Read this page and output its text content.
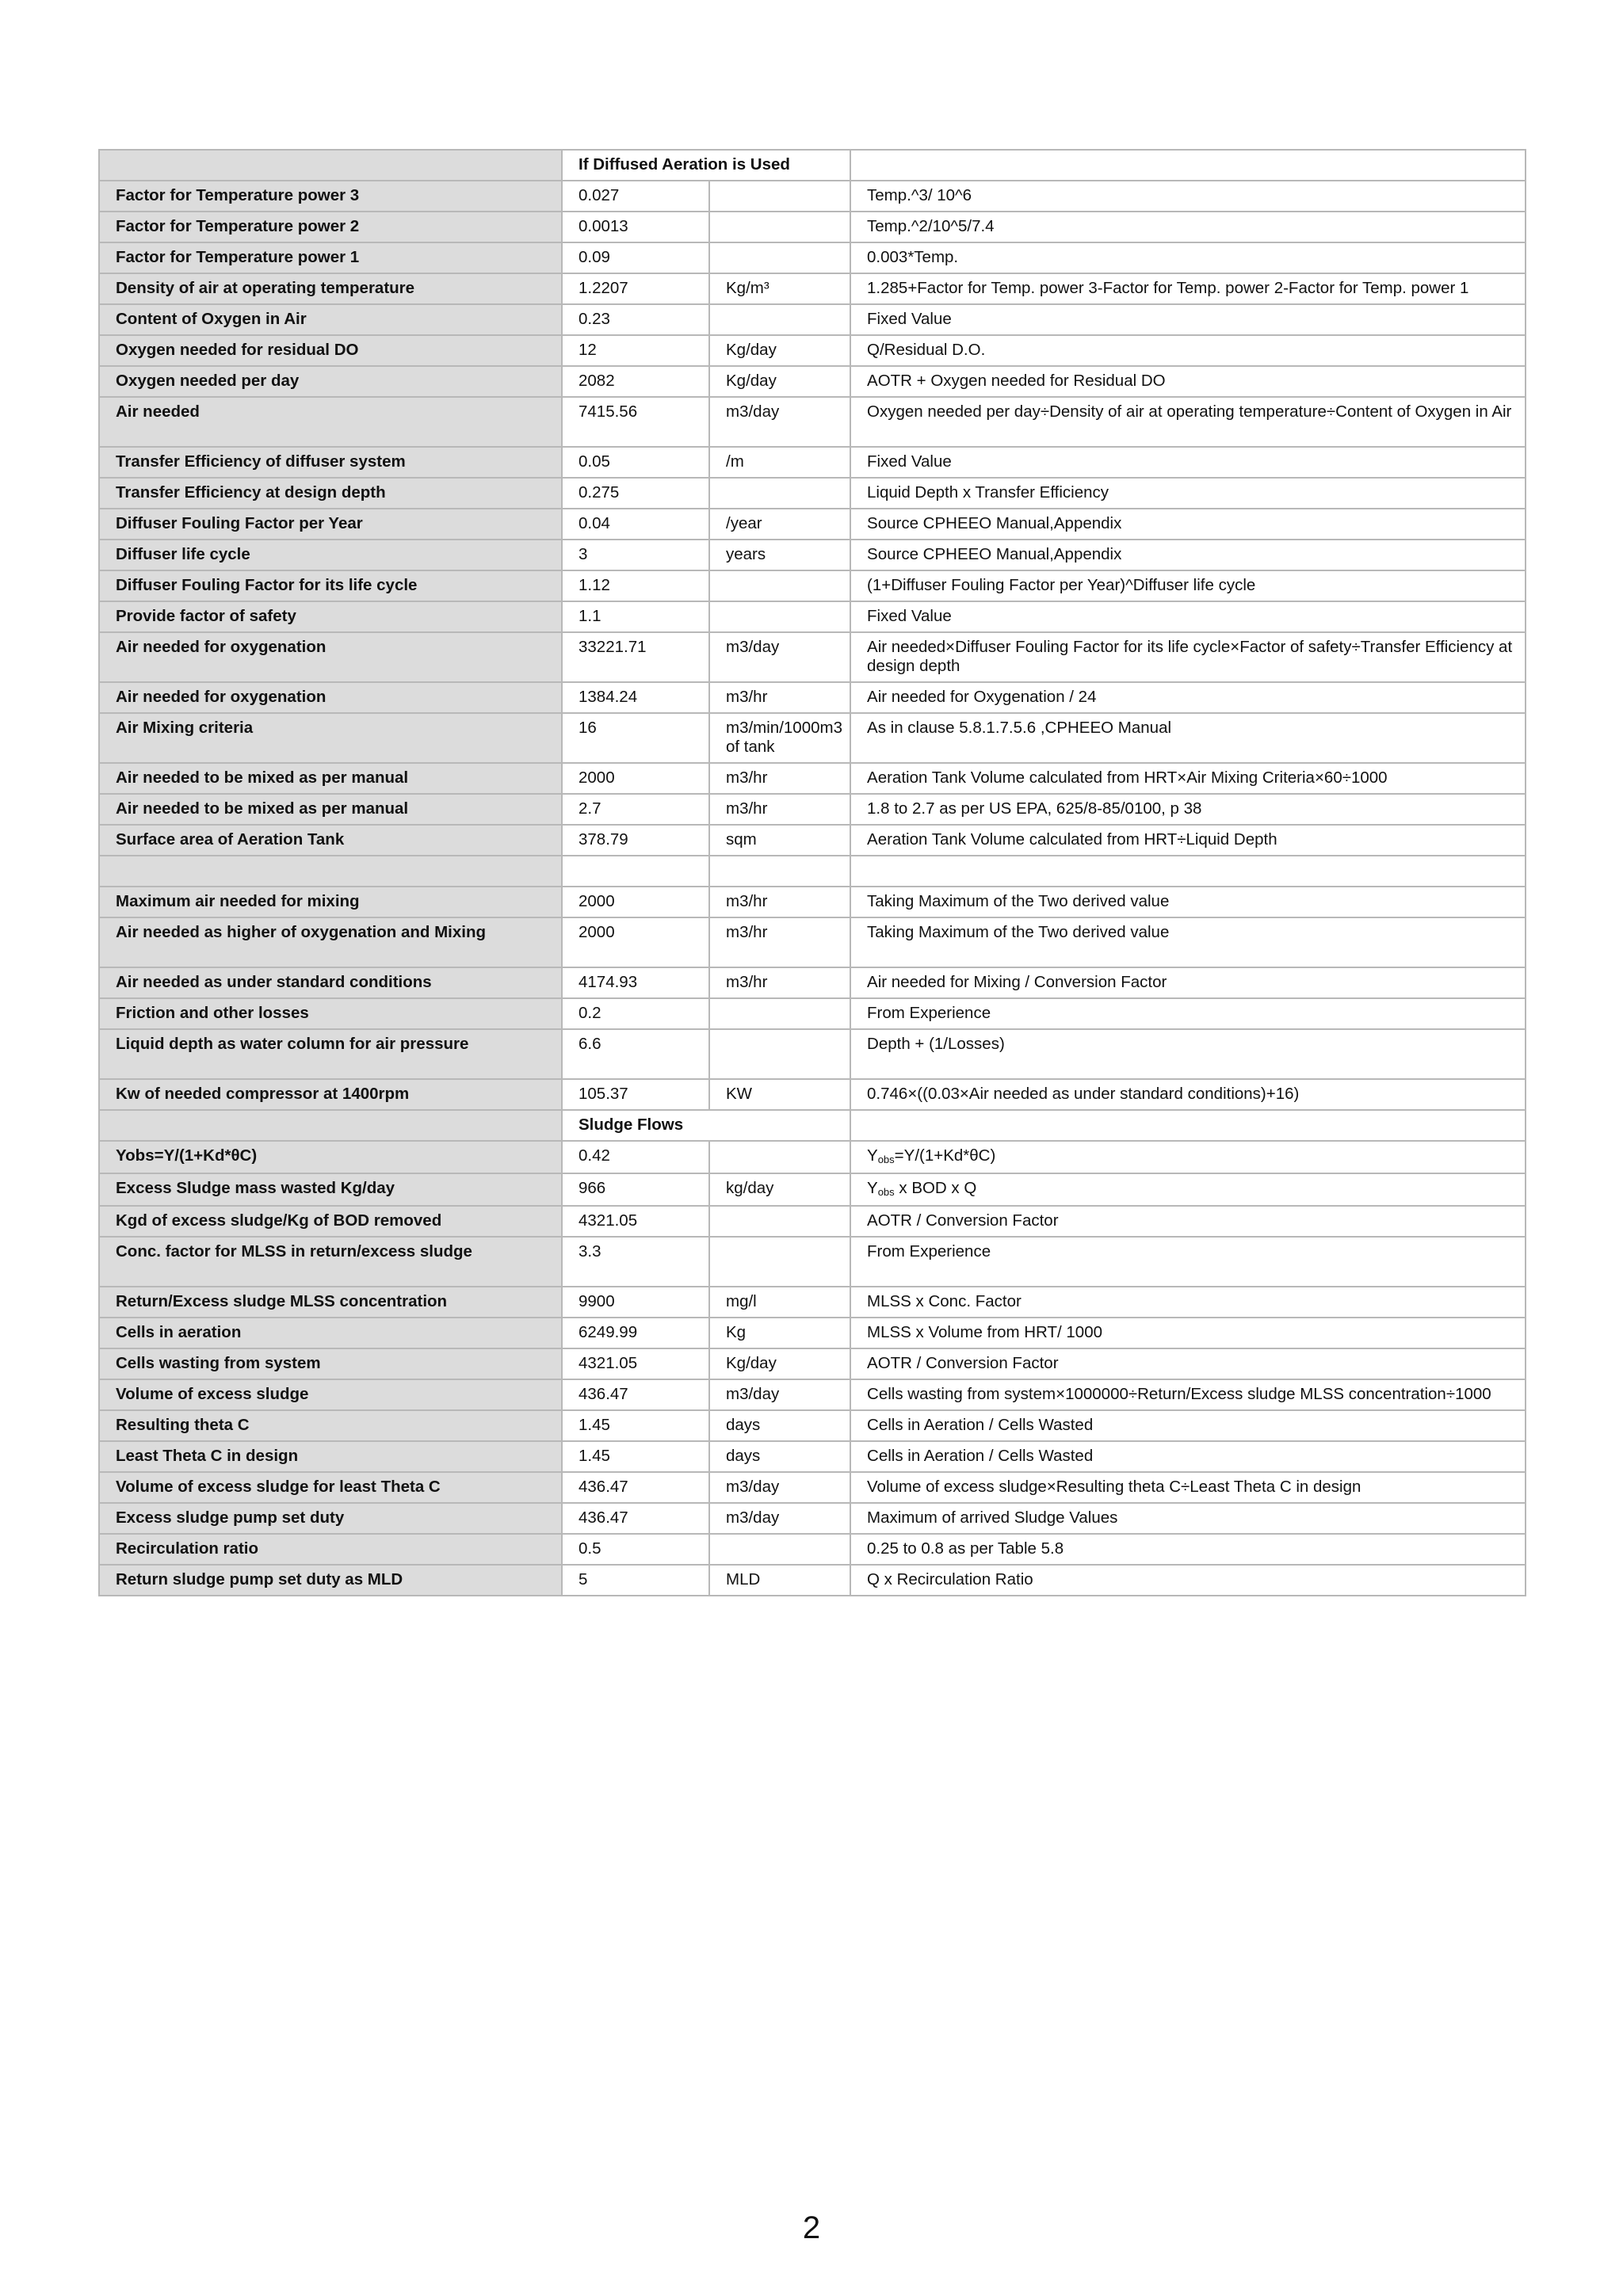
	If Diffused Aeration is Used		
Factor for Temperature power 3	0.027		Temp.^3/ 10^6
Factor for Temperature power 2	0.0013		Temp.^2/10^5/7.4
Factor for Temperature power 1	0.09		0.003*Temp.
Density of air at operating temperature	1.2207	Kg/m³	1.285+Factor for Temp. power 3-Factor for Temp. power 2-Factor for Temp. power 1
Content of Oxygen in Air	0.23		Fixed Value
Oxygen needed for residual DO	12	Kg/day	Q/Residual D.O.
Oxygen needed per day	2082	Kg/day	AOTR + Oxygen needed for Residual DO
Air needed	7415.56	m3/day	Oxygen needed per day÷Density of air at operating temperature÷Content of Oxygen in Air
Transfer Efficiency of diffuser system	0.05	/m	Fixed Value
Transfer Efficiency at design depth	0.275		Liquid Depth x Transfer Efficiency
Diffuser Fouling Factor per Year	0.04	/year	Source CPHEEO Manual,Appendix
Diffuser life cycle	3	years	Source CPHEEO Manual,Appendix
Diffuser Fouling Factor for its life cycle	1.12		(1+Diffuser Fouling Factor per Year)^Diffuser life cycle
Provide factor of safety	1.1		Fixed Value
Air needed for oxygenation	33221.71	m3/day	Air needed×Diffuser Fouling Factor for its life cycle×Factor of safety÷Transfer Efficiency at design depth
Air needed for oxygenation	1384.24	m3/hr	Air needed for Oxygenation / 24
Air Mixing criteria	16	m3/min/1000m3 of tank	As in clause 5.8.1.7.5.6 ,CPHEEO Manual
Air needed to be mixed as per manual	2000	m3/hr	Aeration Tank Volume calculated from HRT×Air Mixing Criteria×60÷1000
Air needed to be mixed as per manual	2.7	m3/hr	1.8 to 2.7 as per US EPA, 625/8-85/0100, p 38
Surface area of Aeration Tank	378.79	sqm	Aeration Tank Volume calculated from HRT÷Liquid Depth

Maximum air needed for mixing	2000	m3/hr	Taking Maximum of the Two derived value
Air needed as higher of oxygenation and Mixing	2000	m3/hr	Taking Maximum of the Two derived value
Air needed as under standard conditions	4174.93	m3/hr	Air needed for Mixing / Conversion Factor
Friction and other losses	0.2		From Experience
Liquid depth as water column for air pressure	6.6		Depth + (1/Losses)
Kw of needed compressor at 1400rpm	105.37	KW	0.746×((0.03×Air needed as under standard conditions)+16)
	Sludge Flows		
Yobs=Y/(1+Kd*θC)	0.42		$Y_{obs}=Y/(1+Kd*\theta C)$
Excess Sludge mass wasted Kg/day	966	kg/day	$Y_{obs}$ x BOD x Q
Kgd of excess sludge/Kg of BOD removed	4321.05		AOTR / Conversion Factor
Conc. factor for MLSS in return/excess sludge	3.3		From Experience
Return/Excess sludge MLSS concentration	9900	mg/l	MLSS x Conc. Factor
Cells in aeration	6249.99	Kg	MLSS x Volume from HRT/ 1000
Cells wasting from system	4321.05	Kg/day	AOTR / Conversion Factor
Volume of excess sludge	436.47	m3/day	Cells wasting from system×1000000÷Return/Excess sludge MLSS concentration÷1000
Resulting theta C	1.45	days	Cells in Aeration / Cells Wasted
Least Theta C in design	1.45	days	Cells in Aeration / Cells Wasted
Volume of excess sludge for least Theta C	436.47	m3/day	Volume of excess sludge×Resulting theta C÷Least Theta C in design
Excess sludge pump set duty	436.47	m3/day	Maximum of arrived Sludge Values
Recirculation ratio	0.5		0.25 to 0.8 as per Table 5.8
Return sludge pump set duty as MLD	5	MLD	Q x Recirculation Ratio
2
